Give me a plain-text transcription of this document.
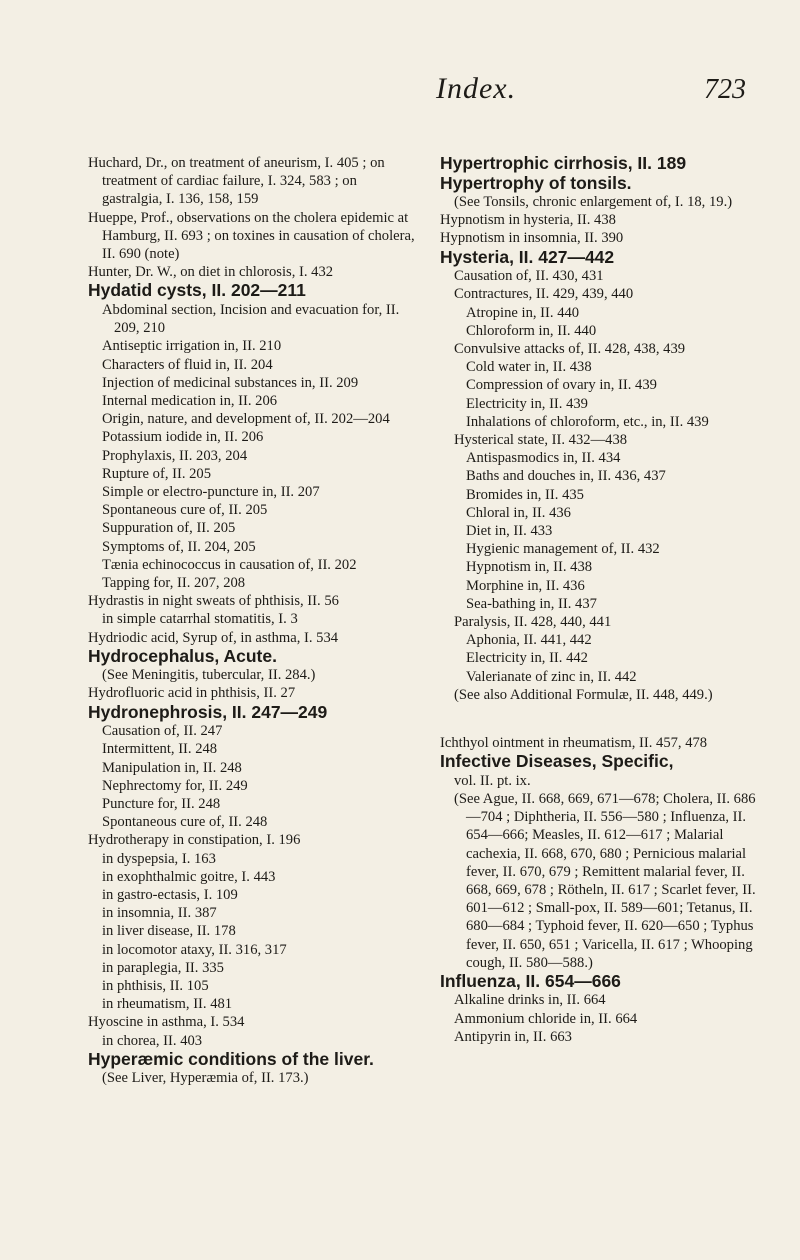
Index.	723
Huchard, Dr., on treatment of aneurism, I. 405 ; on treatment of cardiac failure, I. 324, 583 ; on gastralgia, I. 136, 158, 159
Hueppe, Prof., observations on the cholera epidemic at Hamburg, II. 693 ; on toxines in causation of cholera, II. 690 (note)
Hunter, Dr. W., on diet in chlorosis, I. 432
Hydatid cysts, II. 202—211
Abdominal section, Incision and evacuation for, II. 209, 210
Antiseptic irrigation in, II. 210
Characters of fluid in, II. 204
Injection of medicinal substances in, II. 209
Internal medication in, II. 206
Origin, nature, and development of, II. 202—204
Potassium iodide in, II. 206
Prophylaxis, II. 203, 204
Rupture of, II. 205
Simple or electro-puncture in, II. 207
Spontaneous cure of, II. 205
Suppuration of, II. 205
Symptoms of, II. 204, 205
Tænia echinococcus in causation of, II. 202
Tapping for, II. 207, 208
Hydrastis in night sweats of phthisis, II. 56
in simple catarrhal stomatitis, I. 3
Hydriodic acid, Syrup of, in asthma, I. 534
Hydrocephalus, Acute.
(See Meningitis, tubercular, II. 284.)
Hydrofluoric acid in phthisis, II. 27
Hydronephrosis, II. 247—249
Causation of, II. 247
Intermittent, II. 248
Manipulation in, II. 248
Nephrectomy for, II. 249
Puncture for, II. 248
Spontaneous cure of, II. 248
Hydrotherapy in constipation, I. 196
in dyspepsia, I. 163
in exophthalmic goitre, I. 443
in gastro-ectasis, I. 109
in insomnia, II. 387
in liver disease, II. 178
in locomotor ataxy, II. 316, 317
in paraplegia, II. 335
in phthisis, II. 105
in rheumatism, II. 481
Hyoscine in asthma, I. 534
in chorea, II. 403
Hyperæmic conditions of the liver.
(See Liver, Hyperæmia of, II. 173.)
Hypertrophic cirrhosis, II. 189
Hypertrophy of tonsils.
(See Tonsils, chronic enlargement of, I. 18, 19.)
Hypnotism in hysteria, II. 438
Hypnotism in insomnia, II. 390
Hysteria, II. 427—442
Causation of, II. 430, 431
Contractures, II. 429, 439, 440
Atropine in, II. 440
Chloroform in, II. 440
Convulsive attacks of, II. 428, 438, 439
Cold water in, II. 438
Compression of ovary in, II. 439
Electricity in, II. 439
Inhalations of chloroform, etc., in, II. 439
Hysterical state, II. 432—438
Antispasmodics in, II. 434
Baths and douches in, II. 436, 437
Bromides in, II. 435
Chloral in, II. 436
Diet in, II. 433
Hygienic management of, II. 432
Hypnotism in, II. 438
Morphine in, II. 436
Sea-bathing in, II. 437
Paralysis, II. 428, 440, 441
Aphonia, II. 441, 442
Electricity in, II. 442
Valerianate of zinc in, II. 442
(See also Additional Formulæ, II. 448, 449.)
Ichthyol ointment in rheumatism, II. 457, 478
Infective Diseases, Specific,
vol. II. pt. ix.
(See Ague, II. 668, 669, 671—678; Cholera, II. 686—704 ; Diphtheria, II. 556—580 ; Influenza, II. 654—666; Measles, II. 612—617 ; Malarial cachexia, II. 668, 670, 680 ; Pernicious malarial fever, II. 670, 679 ; Remittent malarial fever, II. 668, 669, 678 ; Rötheln, II. 617 ; Scarlet fever, II. 601—612 ; Small-pox, II. 589—601; Tetanus, II. 680—684 ; Typhoid fever, II. 620—650 ; Typhus fever, II. 650, 651 ; Varicella, II. 617 ; Whooping cough, II. 580—588.)
Influenza, II. 654—666
Alkaline drinks in, II. 664
Ammonium chloride in, II. 664
Antipyrin in, II. 663
